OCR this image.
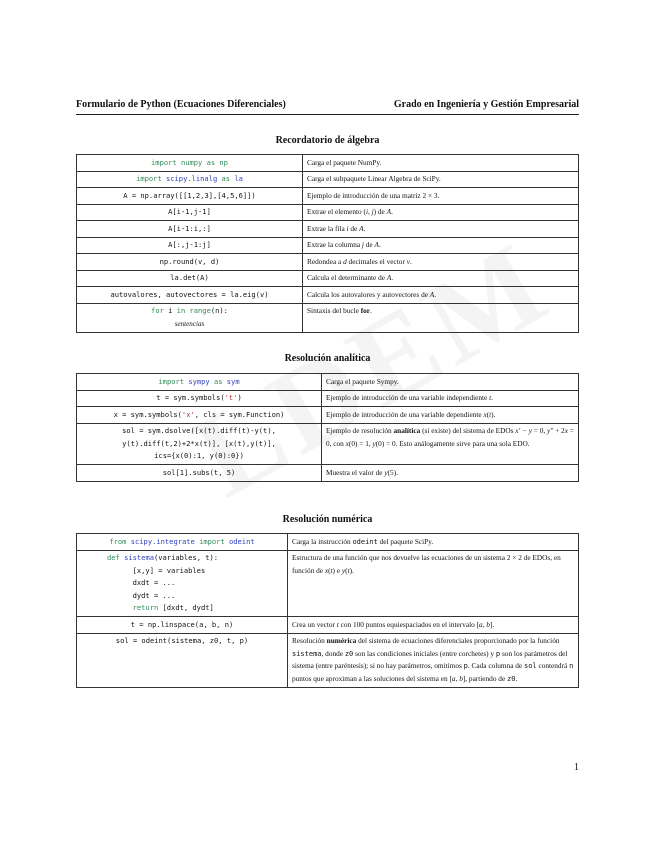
Formulario de Python (Ecuaciones Diferenciales)	Grado en Ingeniería y Gestión Empresarial
Recordatorio de álgebra
import numpy as np	Carga el paquete NumPy.
import scipy.linalg as la	Carga el subpaquete Linear Algebra de SciPy.
A = np.array([[1,2,3],[4,5,6]])	Ejemplo de introducción de una matriz 2 × 3.
A[i-1,j-1]	Extrae el elemento (i, j) de A.
A[i-1:i,:]	Extrae la fila i de A.
A[:,j-1:j]	Extrae la columna j de A.
np.round(v, d)	Redondea a d decimales el vector v.
la.det(A)	Calcula el determinante de A.
autovalores, autovectores = la.eig(v)	Calcula los autovalores y autovectores de A.
for i in range(n):
sentencias	Sintaxis del bucle for.
Resolución analítica
import sympy as sym	Carga el paquete Sympy.
t = sym.symbols('t')	Ejemplo de introducción de una variable independiente t.
x = sym.symbols('x', cls = sym.Function)	Ejemplo de introducción de una variable dependiente x(t).
sol = sym.dsolve([x(t).diff(t)-y(t),
y(t).diff(t,2)+2*x(t)], [x(t),y(t)],
ics={x(0):1, y(0):0})	Ejemplo de resolución analítica (si existe) del sistema de EDOs x′ − y = 0, y″ + 2x = 0, con x(0) = 1, y(0) = 0. Esto análogamente sirve para una sola EDO.
sol[1].subs(t, 5)	Muestra el valor de y(5).
Resolución numérica
from scipy.integrate import odeint	Carga la instrucción odeint del paquete SciPy.
def sistema(variables, t):
[x,y] = variables
dxdt = ...
dydt = ...
return [dxdt, dydt]	Estructura de una función que nos devuelve las ecuaciones de un sistema 2 × 2 de EDOs, en función de x(t) e y(t).
t = np.linspace(a, b, n)	Crea un vector t con 100 puntos equiespaciados en el intervalo [a, b].
sol = odeint(sistema, z0, t, p)	Resolución numérica del sistema de ecuaciones diferenciales proporcionado por la función sistema, donde z0 son las condiciones iniciales (entre corchetes) y p son los parámetros del sistema (entre paréntesis); si no hay parámetros, omitimos p. Cada columna de sol contendrá n puntos que aproximan a las soluciones del sistema en [a, b], partiendo de z0.
1
